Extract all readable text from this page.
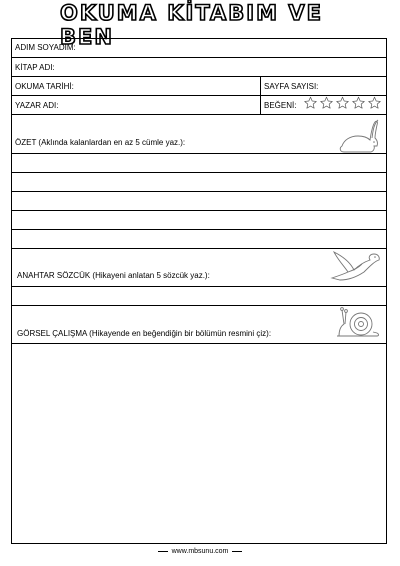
OKUMA KİTABIM VE BEN
ADIM SOYADIM:
KİTAP ADI:
OKUMA TARİHİ:	SAYFA SAYISI:
YAZAR ADI:	BEĞENİ:
ÖZET (Aklında kalanlardan en az 5 cümle yaz.):
ANAHTAR SÖZCÜK (Hikayeni anlatan 5 sözcük yaz.):
GÖRSEL ÇALIŞMA (Hikayende en beğendiğin bir bölümün resmini çiz):
www.mbsunu.com
